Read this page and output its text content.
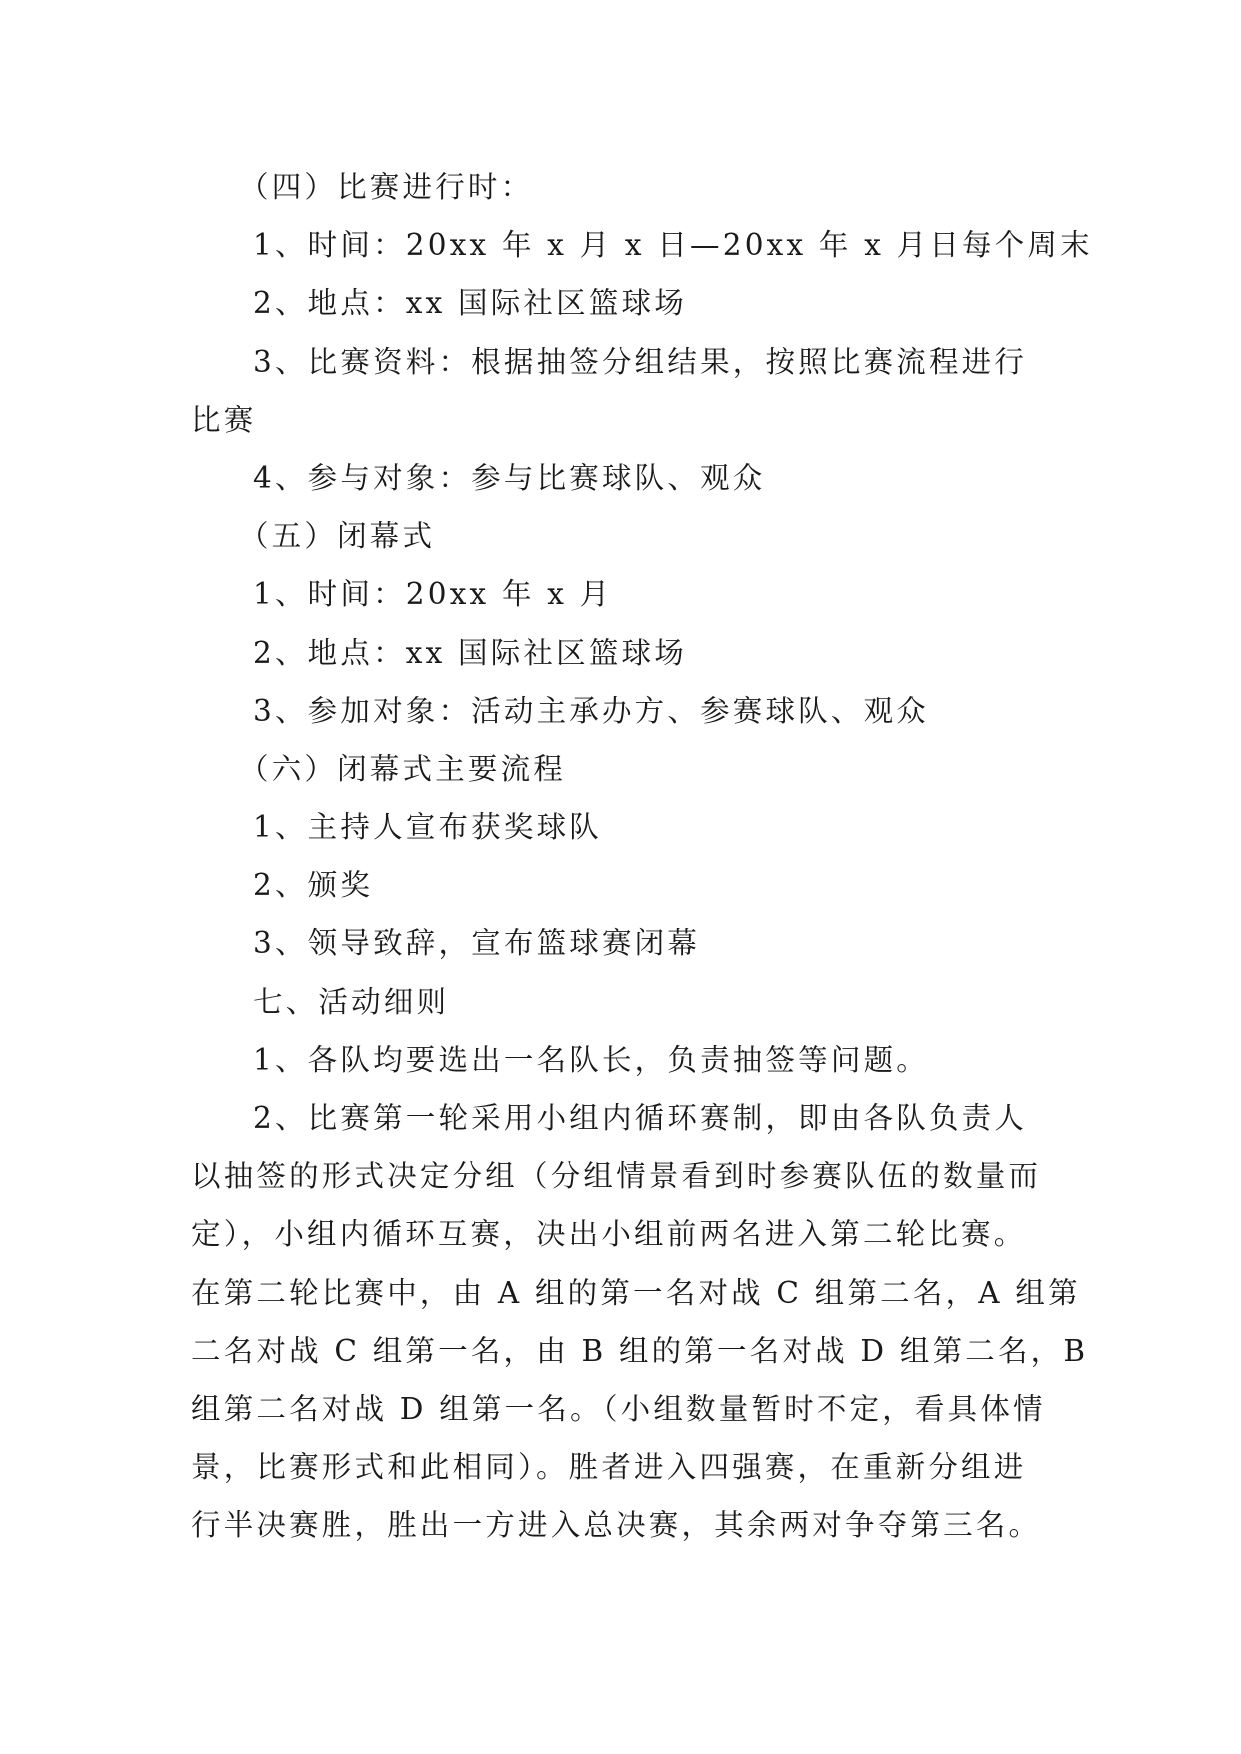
（四）比赛进行时：
1、时间：20xx 年 x 月 x 日—20xx 年 x 月日每个周末
2、地点：xx 国际社区篮球场
3、比赛资料：根据抽签分组结果，按照比赛流程进行
比赛
4、参与对象：参与比赛球队、观众
（五）闭幕式
1、时间：20xx 年 x 月
2、地点：xx 国际社区篮球场
3、参加对象：活动主承办方、参赛球队、观众
（六）闭幕式主要流程
1、主持人宣布获奖球队
2、颁奖
3、领导致辞，宣布篮球赛闭幕
七、活动细则
1、各队均要选出一名队长，负责抽签等问题。
2、比赛第一轮采用小组内循环赛制，即由各队负责人
以抽签的形式决定分组（分组情景看到时参赛队伍的数量而
定），小组内循环互赛，决出小组前两名进入第二轮比赛。
在第二轮比赛中，由 A 组的第一名对战 C 组第二名，A 组第
二名对战 C 组第一名，由 B 组的第一名对战 D 组第二名，B
组第二名对战 D 组第一名。（小组数量暂时不定，看具体情
景，比赛形式和此相同）。胜者进入四强赛，在重新分组进
行半决赛胜，胜出一方进入总决赛，其余两对争夺第三名。
